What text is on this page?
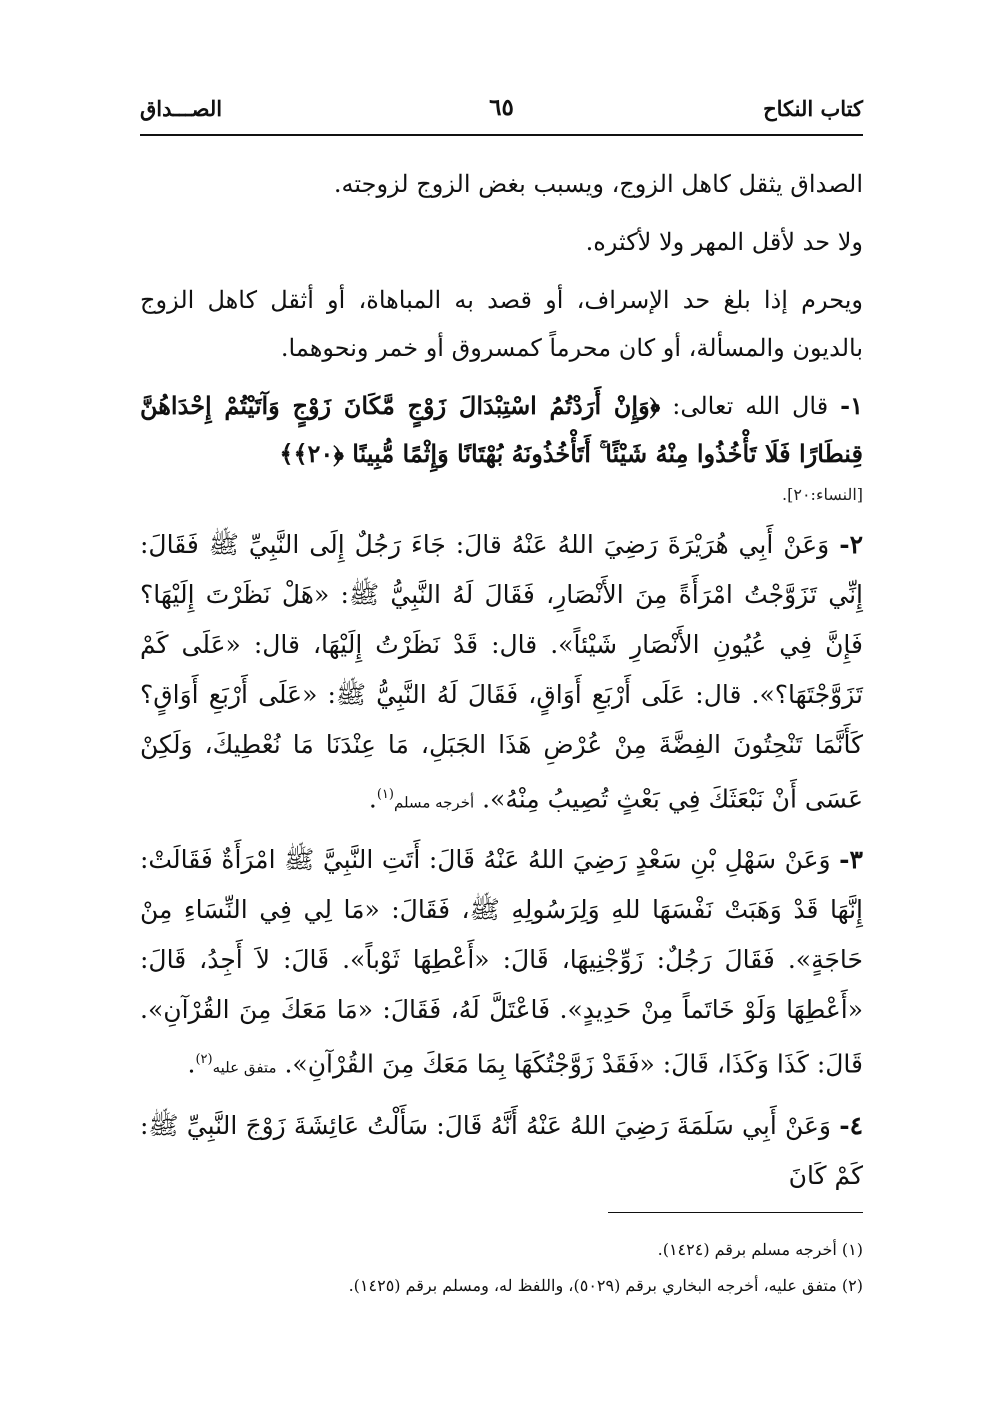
كتاب النكاح
٦٥
الصـــداق

الصداق يثقل كاهل الزوج، ويسبب بغض الزوج لزوجته.

ولا حد لأقل المهر ولا لأكثره.

ويحرم إذا بلغ حد الإسراف، أو قصد به المباهاة، أو أثقل كاهل الزوج بالديون والمسألة، أو كان محرماً كمسروق أو خمر ونحوهما.

١- قال الله تعالى: ﴿وَإِنْ أَرَدْتُمُ اسْتِبْدَالَ زَوْجٍ مَّكَانَ زَوْجٍ وَآتَيْتُمْ إِحْدَاهُنَّ قِنطَارًا فَلَا تَأْخُذُوا مِنْهُ شَيْئًا ۚ أَتَأْخُذُونَهُ بُهْتَانًا وَإِثْمًا مُّبِينًا ﴿٢٠﴾﴾
[النساء:٢٠].
٢- وَعَنْ أَبِي هُرَيْرَةَ رَضِيَ اللهُ عَنْهُ قالَ: جَاءَ رَجُلٌ إِلَى النَّبِيِّ ﷺ فَقَالَ: إِنِّي تَزَوَّجْتُ امْرَأَةً مِنَ الأَنْصَارِ، فَقَالَ لَهُ النَّبِيُّ ﷺ: «هَلْ نَظَرْتَ إِلَيْهَا؟ فَإِنَّ فِي عُيُونِ الأَنْصَارِ شَيْئاً». قال: قَدْ نَظَرْتُ إِلَيْهَا، قال: «عَلَى كَمْ تَزَوَّجْتَهَا؟». قال: عَلَى أَرْبَعِ أَوَاقٍ، فَقَالَ لَهُ النَّبِيُّ ﷺ: «عَلَى أَرْبَعِ أَوَاقٍ؟ كَأَنَّمَا تَنْحِتُونَ الفِضَّةَ مِنْ عُرْضِ هَذَا الجَبَلِ، مَا عِنْدَنَا مَا نُعْطِيكَ، وَلَكِنْ عَسَى أَنْ نَبْعَثَكَ فِي بَعْثٍ تُصِيبُ مِنْهُ». أخرجه مسلم$^{(١)}$.
٣- وَعَنْ سَهْلِ بْنِ سَعْدٍ رَضِيَ اللهُ عَنْهُ قَالَ: أَتَتِ النَّبِيَّ ﷺ امْرَأَةٌ فَقَالَتْ: إِنَّهَا قَدْ وَهَبَتْ نَفْسَهَا للهِ وَلِرَسُولِهِ ﷺ، فَقَالَ: «مَا لِي فِي النِّسَاءِ مِنْ حَاجَةٍ». فَقَالَ رَجُلٌ: زَوِّجْنِيهَا، قَالَ: «أَعْطِهَا ثَوْباً». قَالَ: لاَ أَجِدُ، قَالَ: «أَعْطِهَا وَلَوْ خَاتَماً مِنْ حَدِيدٍ». فَاعْتَلَّ لَهُ، فَقَالَ: «مَا مَعَكَ مِنَ القُرْآنِ». قَالَ: كَذَا وَكَذَا، قَالَ: «فَقَدْ زَوَّجْتُكَهَا بِمَا مَعَكَ مِنَ القُرْآنِ». متفق عليه$^{(٢)}$.
٤- وَعَنْ أَبِي سَلَمَةَ رَضِيَ اللهُ عَنْهُ أَنَّهُ قَالَ: سَأَلْتُ عَائِشَةَ زَوْجَ النَّبِيِّ ﷺ: كَمْ كَانَ
(١) أخرجه مسلم برقم (١٤٢٤).
(٢) متفق عليه، أخرجه البخاري برقم (٥٠٢٩)، واللفظ له، ومسلم برقم (١٤٢٥).
